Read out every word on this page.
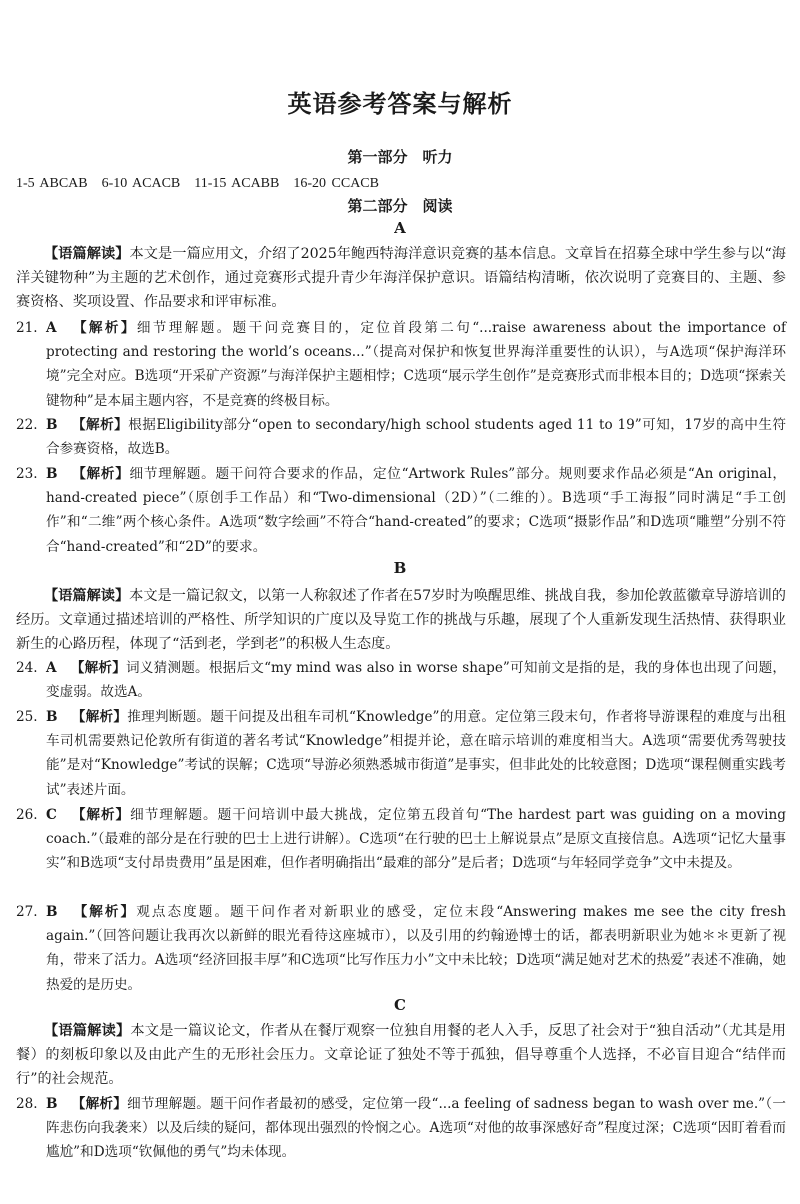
英语参考答案与解析
第一部分　听力
1-5 ABCAB　6-10 ACACB　11-15 ACABB　16-20 CCACB
第二部分　阅读
A
【语篇解读】本文是一篇应用文，介绍了2025年鲍西特海洋意识竞赛的基本信息。文章旨在招募全球中学生参与以“海洋关键物种”为主题的艺术创作，通过竞赛形式提升青少年海洋保护意识。语篇结构清晰，依次说明了竞赛目的、主题、参赛资格、奖项设置、作品要求和评审标准。
21. A 【解析】细节理解题。题干问竞赛目的，定位首段第二句“...raise awareness about the importance of protecting and restoring the world’s oceans...”（提高对保护和恢复世界海洋重要性的认识），与A选项“保护海洋环境”完全对应。B选项“开采矿产资源”与海洋保护主题相悖；C选项“展示学生创作”是竞赛形式而非根本目的；D选项“探索关键物种”是本届主题内容，不是竞赛的终极目标。
22. B 【解析】根据Eligibility部分“open to secondary/high school students aged 11 to 19”可知，17岁的高中生符合参赛资格，故选B。
23. B 【解析】细节理解题。题干问符合要求的作品，定位“Artwork Rules”部分。规则要求作品必须是“An original，hand-created piece”（原创手工作品）和“Two-dimensional（2D）”（二维的）。B选项“手工海报”同时满足“手工创作”和“二维”两个核心条件。A选项“数字绘画”不符合“hand-created”的要求；C选项“摄影作品”和D选项“雕塑”分别不符合“hand-created”和“2D”的要求。
B
【语篇解读】本文是一篇记叙文，以第一人称叙述了作者在57岁时为唤醒思维、挑战自我，参加伦敦蓝徽章导游培训的经历。文章通过描述培训的严格性、所学知识的广度以及导览工作的挑战与乐趣，展现了个人重新发现生活热情、获得职业新生的心路历程，体现了“活到老，学到老”的积极人生态度。
24. A 【解析】词义猜测题。根据后文“my mind was also in worse shape”可知前文是指的是，我的身体也出现了问题，变虚弱。故选A。
25. B 【解析】推理判断题。题干问提及出租车司机“Knowledge”的用意。定位第三段末句，作者将导游课程的难度与出租车司机需要熟记伦敦所有街道的著名考试“Knowledge”相提并论，意在暗示培训的难度相当大。A选项“需要优秀驾驶技能”是对“Knowledge”考试的误解；C选项“导游必须熟悉城市街道”是事实，但非此处的比较意图；D选项“课程侧重实践考试”表述片面。
26. C 【解析】细节理解题。题干问培训中最大挑战，定位第五段首句“The hardest part was guiding on a moving coach.”（最难的部分是在行驶的巴士上进行讲解）。C选项“在行驶的巴士上解说景点”是原文直接信息。A选项“记忆大量事实”和B选项“支付昂贵费用”虽是困难，但作者明确指出“最难的部分”是后者；D选项“与年轻同学竞争”文中未提及。
27. B 【解析】观点态度题。题干问作者对新职业的感受，定位末段“Answering makes me see the city fresh again.”（回答问题让我再次以新鲜的眼光看待这座城市），以及引用的约翰逊博士的话，都表明新职业为她＊＊更新了视角，带来了活力。A选项“经济回报丰厚”和C选项“比写作压力小”文中未比较；D选项“满足她对艺术的热爱”表述不准确，她热爱的是历史。
C
【语篇解读】本文是一篇议论文，作者从在餐厅观察一位独自用餐的老人入手，反思了社会对于“独自活动”（尤其是用餐）的刻板印象以及由此产生的无形社会压力。文章论证了独处不等于孤独，倡导尊重个人选择，不必盲目迎合“结伴而行”的社会规范。
28. B 【解析】细节理解题。题干问作者最初的感受，定位第一段“...a feeling of sadness began to wash over me.”（一阵悲伤向我袭来）以及后续的疑问，都体现出强烈的怜悯之心。A选项“对他的故事深感好奇”程度过深；C选项“因盯着看而尴尬”和D选项“钦佩他的勇气”均未体现。
